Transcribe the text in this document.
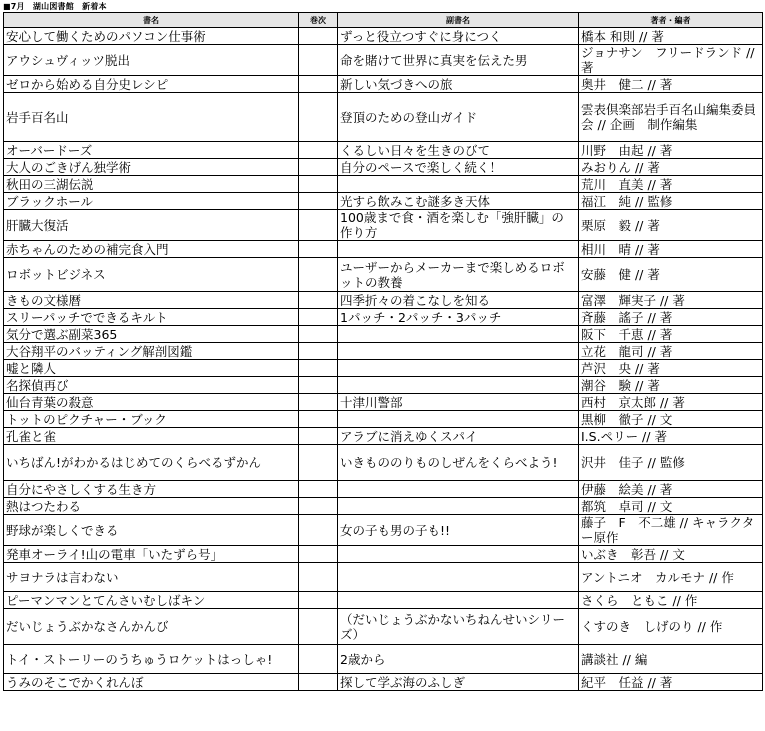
■7月　湖山図書館　新着本
書名	巻次	副書名	著者・編者
安心して働くためのパソコン仕事術		ずっと役立つすぐに身につく	橋本 和則 // 著
アウシュヴィッツ脱出		命を賭けて世界に真実を伝えた男	ジョナサン　フリードランド // 著
ゼロから始める自分史レシピ		新しい気づきへの旅	奥井　健二 // 著
岩手百名山		登頂のための登山ガイド	雲表倶楽部岩手百名山編集委員会 // 企画　制作編集
オーバードーズ		くるしい日々を生きのびて	川野　由起 // 著
大人のごきげん独学術		自分のペースで楽しく続く！	みおりん // 著
秋田の三湖伝説			荒川　直美 // 著
ブラックホール		光すら飲みこむ謎多き天体	福江　純 // 監修
肝臓大復活		100歳まで食・酒を楽しむ「強肝臓」の作り方	栗原　毅 // 著
赤ちゃんのための補完食入門			相川　晴 // 著
ロボットビジネス		ユーザーからメーカーまで楽しめるロボットの教養	安藤　健 // 著
きもの文様暦		四季折々の着こなしを知る	富澤　輝実子 // 著
スリーパッチでできるキルト		1パッチ・2パッチ・3パッチ	斉藤　謠子 // 著
気分で選ぶ副菜365			阪下　千恵 // 著
大谷翔平のバッティング解剖図鑑			立花　龍司 // 著
嘘と隣人			芦沢　央 // 著
名探偵再び			潮谷　験 // 著
仙台青葉の殺意		十津川警部	西村　京太郎 // 著
トットのピクチャー・ブック			黒柳　徹子 // 文
孔雀と雀		アラブに消えゆくスパイ	I.S.ペリー // 著
いちばん!がわかるはじめてのくらべるずかん		いきもののりものしぜんをくらべよう!	沢井　佳子 // 監修
自分にやさしくする生き方			伊藤　絵美 // 著
熱はつたわる			都筑　卓司 // 文
野球が楽しくできる		女の子も男の子も!!	藤子　F　不二雄 // キャラクター原作
発車オーライ!山の電車「いたずら号」			いぶき　彰吾 // 文
サヨナラは言わない			アントニオ　カルモナ // 作
ピーマンマンとてんさいむしばキン			さくら　ともこ // 作
だいじょうぶかなさんかんび		（だいじょうぶかないちねんせいシリーズ）	くすのき　しげのり // 作
トイ・ストーリーのうちゅうロケットはっしゃ!		2歳から	講談社 // 編
うみのそこでかくれんぼ		探して学ぶ海のふしぎ	紀平　任益 // 著
